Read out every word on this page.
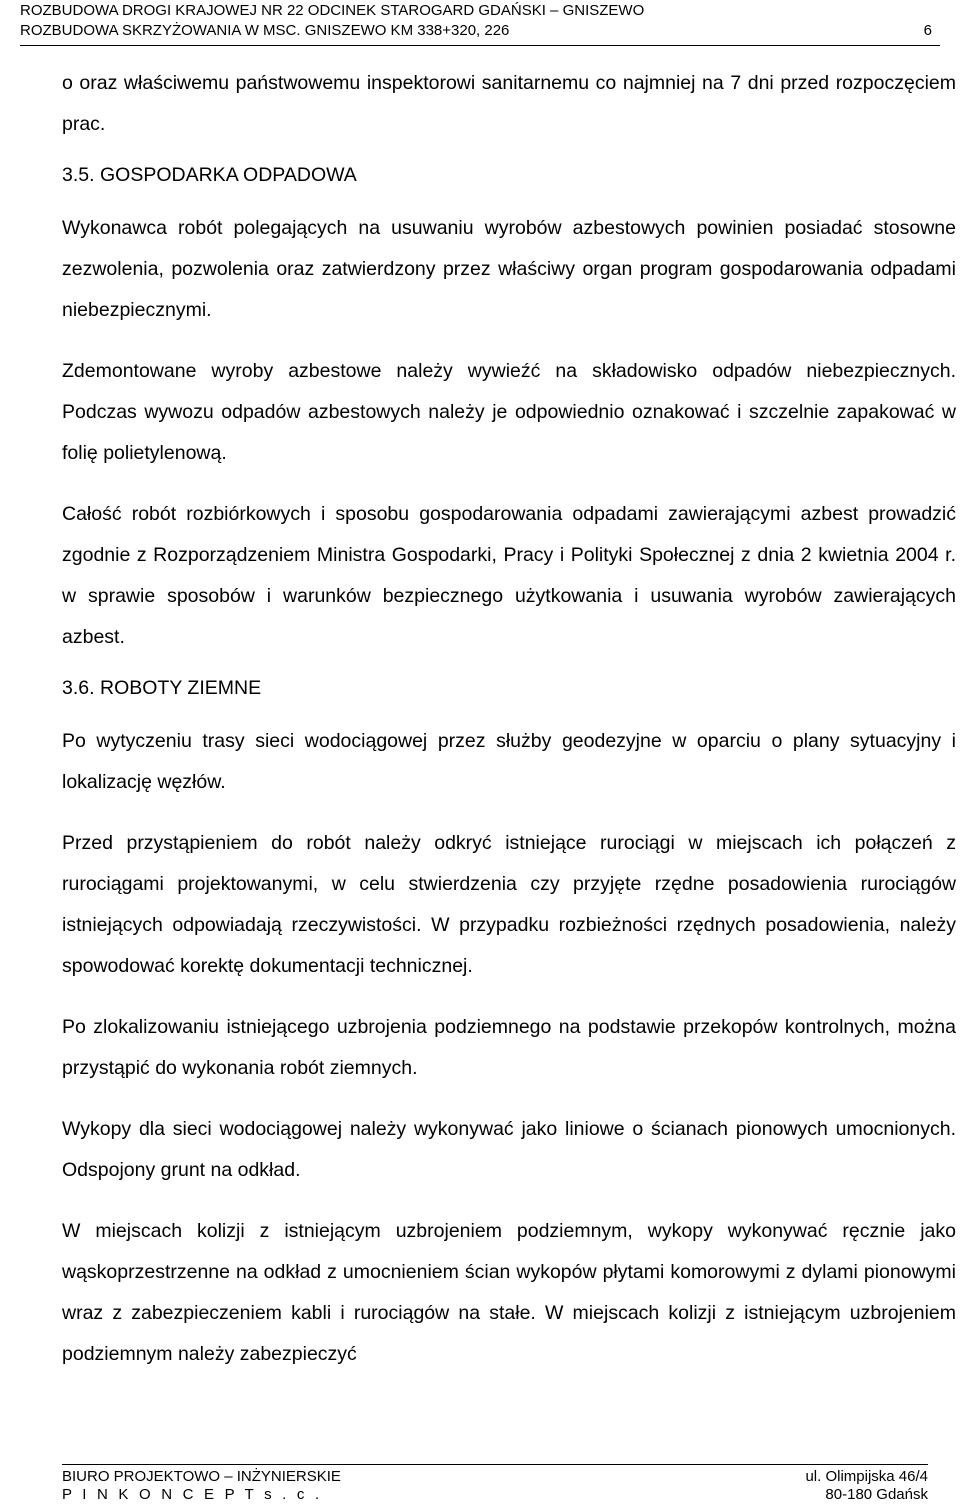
ROZBUDOWA DROGI KRAJOWEJ NR 22 ODCINEK STAROGARD GDAŃSKI – GNISZEWO
ROZBUDOWA SKRZYŻOWANIA W MSC. GNISZEWO KM 338+320, 226	6

o oraz właściwemu państwowemu inspektorowi sanitarnemu co najmniej na 7 dni przed rozpoczęciem prac.

3.5. GOSPODARKA ODPADOWA

Wykonawca robót polegających na usuwaniu wyrobów azbestowych powinien posiadać stosowne zezwolenia, pozwolenia oraz zatwierdzony przez właściwy organ program gospodarowania odpadami niebezpiecznymi.

Zdemontowane wyroby azbestowe należy wywieźć na składowisko odpadów niebezpiecznych. Podczas wywozu odpadów azbestowych należy je odpowiednio oznakować i szczelnie zapakować w folię polietylenową.

Całość robót rozbiórkowych i sposobu gospodarowania odpadami zawierającymi azbest prowadzić zgodnie z Rozporządzeniem Ministra Gospodarki, Pracy i Polityki Społecznej z dnia 2 kwietnia 2004 r. w sprawie sposobów i warunków bezpiecznego użytkowania i usuwania wyrobów zawierających azbest.

3.6. ROBOTY ZIEMNE

Po wytyczeniu trasy sieci wodociągowej przez służby geodezyjne w oparciu o plany sytuacyjny i lokalizację węzłów.

Przed przystąpieniem do robót należy odkryć istniejące rurociągi w miejscach ich połączeń z rurociągami projektowanymi, w celu stwierdzenia czy przyjęte rzędne posadowienia rurociągów istniejących odpowiadają rzeczywistości. W przypadku rozbieżności rzędnych posadowienia, należy spowodować korektę dokumentacji technicznej.

Po zlokalizowaniu istniejącego uzbrojenia podziemnego na podstawie przekopów kontrolnych, można przystąpić do wykonania robót ziemnych.

Wykopy dla sieci wodociągowej należy wykonywać jako liniowe o ścianach pionowych umocnionych. Odspojony grunt na odkład.

W miejscach kolizji z istniejącym uzbrojeniem podziemnym, wykopy wykonywać ręcznie jako wąskoprzestrzenne na odkład z umocnieniem ścian wykopów płytami komorowymi z dylami pionowymi wraz z zabezpieczeniem kabli i rurociągów na stałe. W miejscach kolizji z istniejącym uzbrojeniem podziemnym należy zabezpieczyć

BIURO PROJEKTOWO – INŻYNIERSKIE
P I N K O N C E P T s . c .
ul. Olimpijska 46/4
80-180 Gdańsk
